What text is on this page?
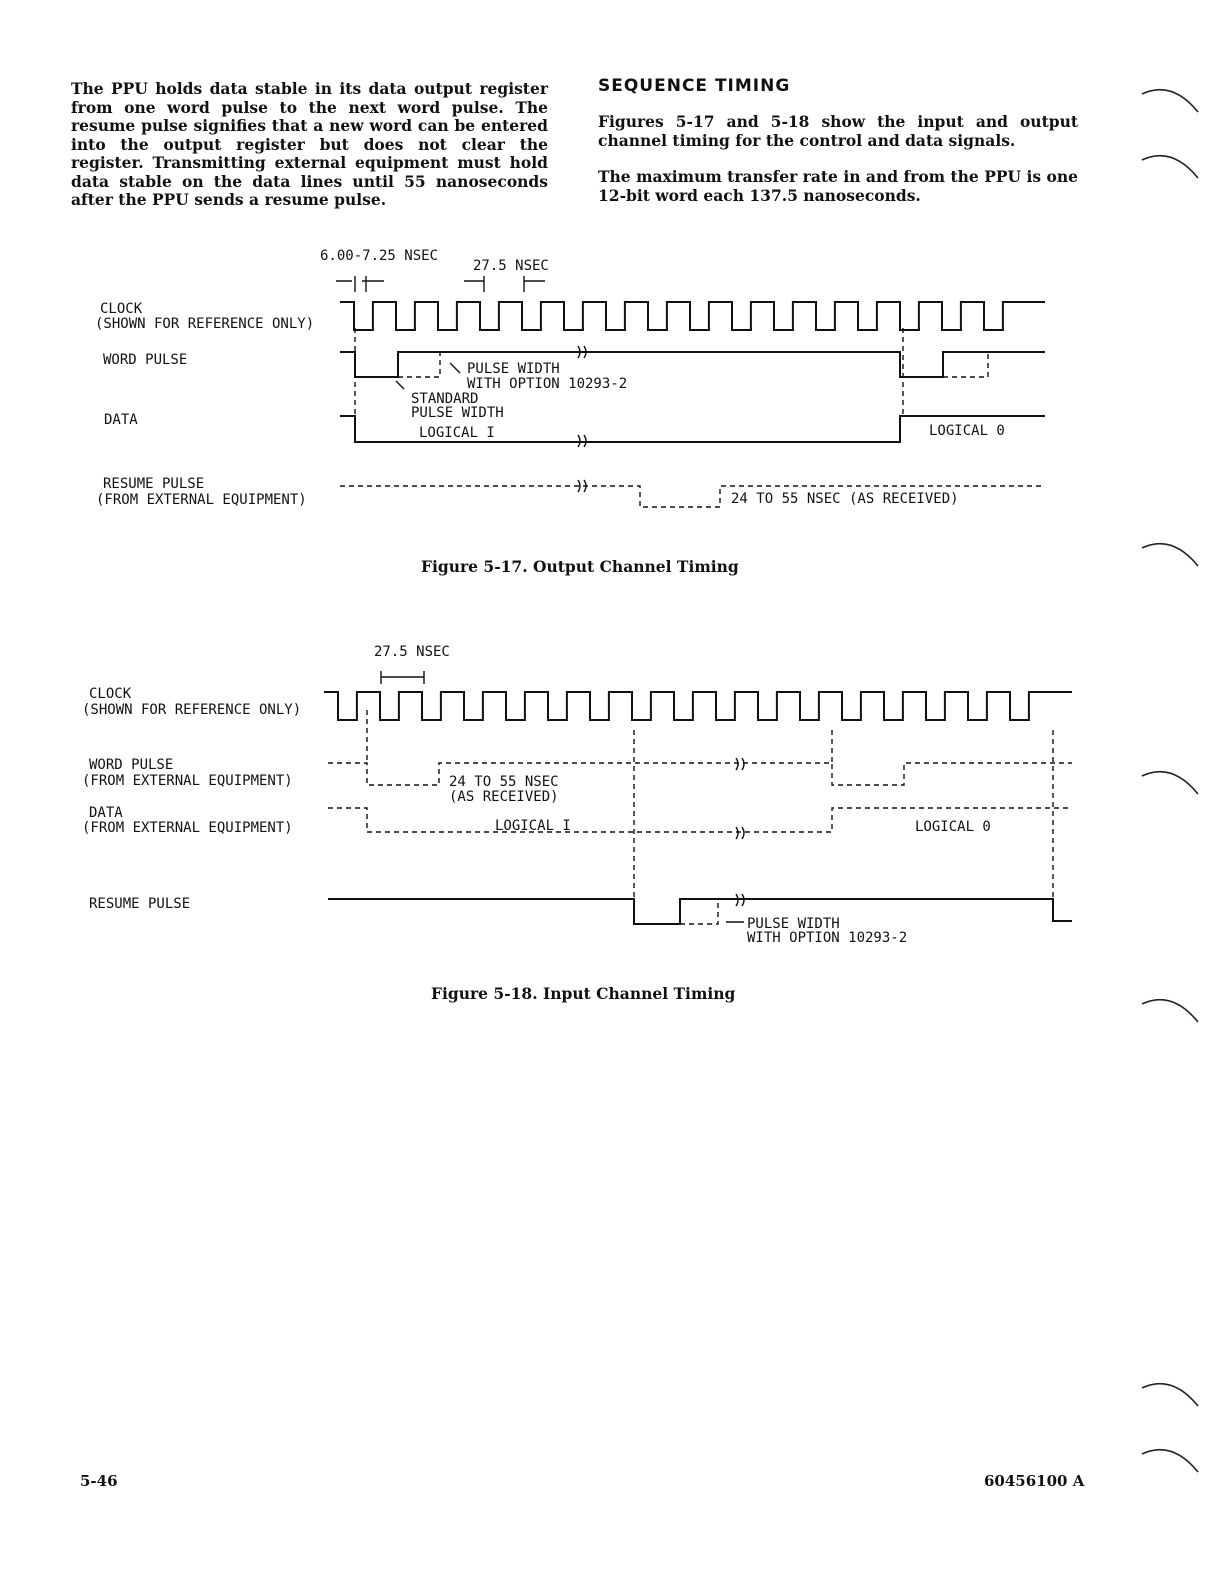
The PPU holds data stable in its data output register from one word pulse to the next word pulse. The resume pulse signifies that a new word can be entered into the output register but does not clear the register. Transmitting external equipment must hold data stable on the data lines until 55 nanoseconds after the PPU sends a resume pulse.

SEQUENCE TIMING

Figures 5-17 and 5-18 show the input and output channel timing for the control and data signals.

The maximum transfer rate in and from the PPU is one 12-bit word each 137.5 nanoseconds.

6.00-7.25 NSEC
27.5 NSEC
CLOCK
(SHOWN FOR REFERENCE ONLY)
WORD PULSE
DATA
RESUME PULSE
(FROM EXTERNAL EQUIPMENT)
PULSE WIDTH
WITH OPTION 10293-2
STANDARD
PULSE WIDTH
LOGICAL I	LOGICAL 0
24 TO 55 NSEC (AS RECEIVED)

Figure 5-17. Output Channel Timing

27.5 NSEC
CLOCK
(SHOWN FOR REFERENCE ONLY)
WORD PULSE
(FROM EXTERNAL EQUIPMENT)
DATA
(FROM EXTERNAL EQUIPMENT)
RESUME PULSE
24 TO 55 NSEC
(AS RECEIVED)
LOGICAL I	LOGICAL 0
PULSE WIDTH
WITH OPTION 10293-2

Figure 5-18. Input Channel Timing

5-46	60456100 A
